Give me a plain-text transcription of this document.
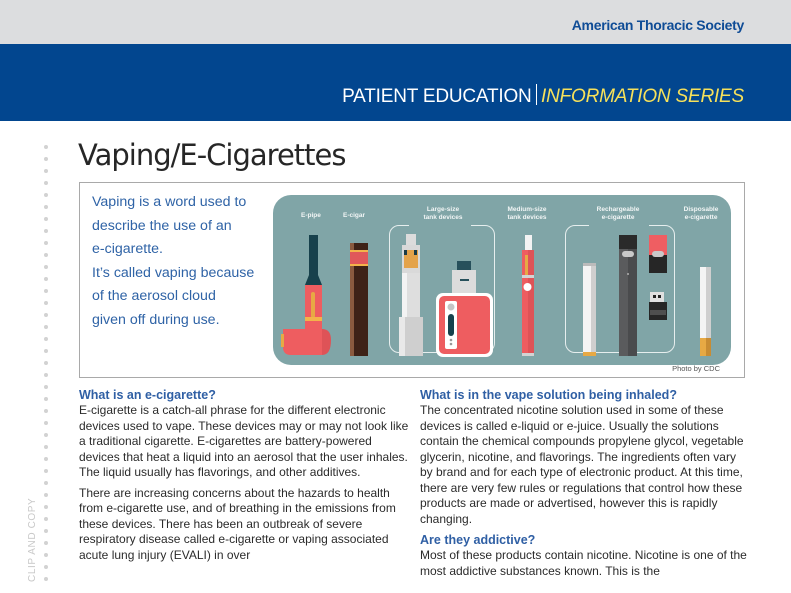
American Thoracic Society
PATIENT EDUCATION INFORMATION SERIES
CLIP AND COPY
Vaping/E-Cigarettes
Vaping is a word used to
describe the use of an
e-cigarette.
It’s called vaping because
of the aerosol cloud
given off during use.
E-pipe	E-cigar
Large-size
tank devices
Medium-size
tank devices
Rechargeable
e-cigarette
Disposable
e-cigarette
Photo by CDC
What is an e-cigarette?

E-cigarette is a catch-all phrase for the different electronic devices used to vape. These devices may or may not look like a traditional cigarette. E-cigarettes are battery-powered devices that heat a liquid into an aerosol that the user inhales. The liquid usually has flavorings, and other additives.

There are increasing concerns about the hazards to health from e-cigarette use, and of breathing in the emissions from these devices. There has been an outbreak of severe respiratory disease called e-cigarette or vaping associated acute lung injury (EVALI) in over

What is in the vape solution being inhaled?

The concentrated nicotine solution used in some of these devices is called e-liquid or e-juice. Usually the solutions contain the chemical compounds propylene glycol, vegetable glycerin, nicotine, and flavorings. The ingredients often vary by brand and for each type of electronic product. At this time, there are very few rules or regulations that control how these products are made or advertised, however this is rapidly changing.

Are they addictive?

Most of these products contain nicotine. Nicotine is one of the most addictive substances known. This is the
